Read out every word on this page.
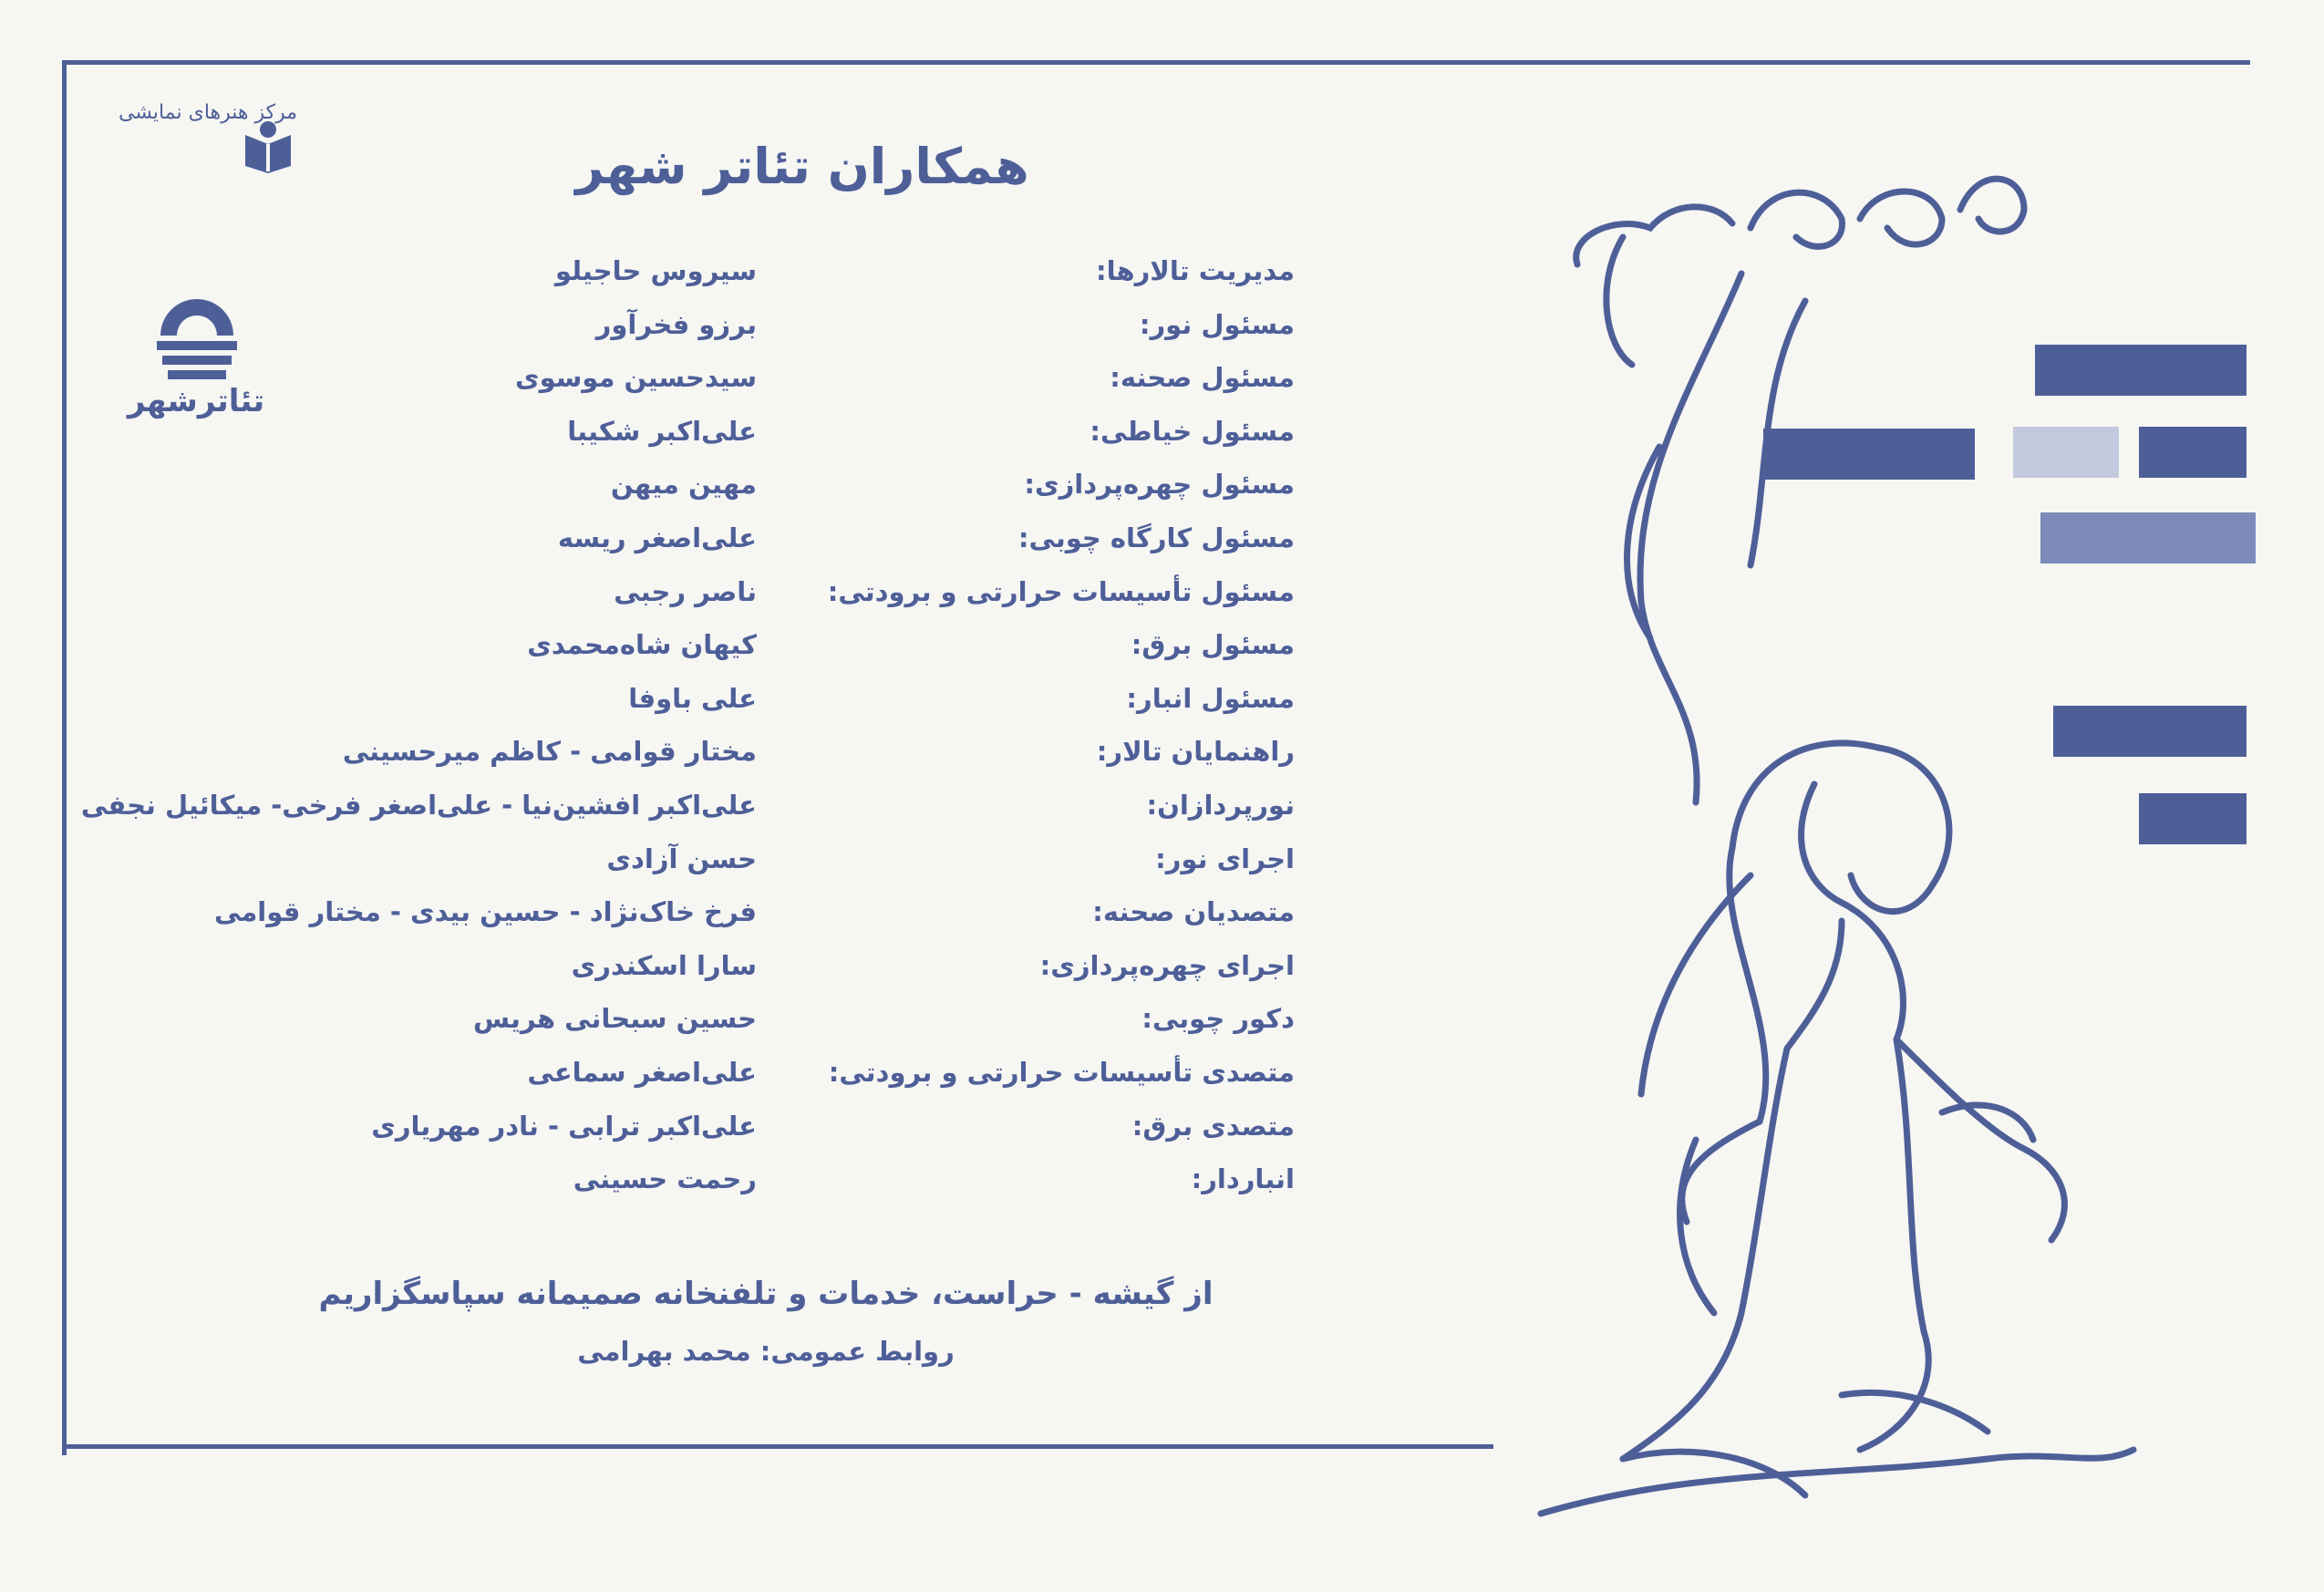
مرکز هنرهای نمایشی
تئاترشهر
همکاران تئاتر شهر
مدیریت تالارها:
سیروس حاجیلو
مسئول نور:
برزو فخرآور
مسئول صحنه:
سیدحسین موسوی
مسئول خیاطی:
علی‌اکبر شکیبا
مسئول چهره‌پردازی:
مهین میهن
مسئول کارگاه چوبی:
علی‌اصغر ریسه
مسئول تأسیسات حرارتی و برودتی:
ناصر رجبی
مسئول برق:
کیهان شاه‌محمدی
مسئول انبار:
علی باوفا
راهنمایان تالار:
مختار قوامی - کاظم میرحسینی
نورپردازان:
علی‌اکبر افشین‌نیا - علی‌اصغر فرخی- میکائیل نجفی
اجرای نور:
حسن آزادی
متصدیان صحنه:
فرخ خاک‌نژاد - حسین بیدی - مختار قوامی
اجرای چهره‌پردازی:
سارا اسکندری
دکور چوبی:
حسین سبحانی هریس
متصدی تأسیسات حرارتی و برودتی:
علی‌اصغر سماعی
متصدی برق:
علی‌اکبر ترابی - نادر مهریاری
انباردار:
رحمت حسینی
از گیشه - حراست، خدمات و تلفنخانه صمیمانه سپاسگزاریم
روابط عمومی: محمد بهرامی
